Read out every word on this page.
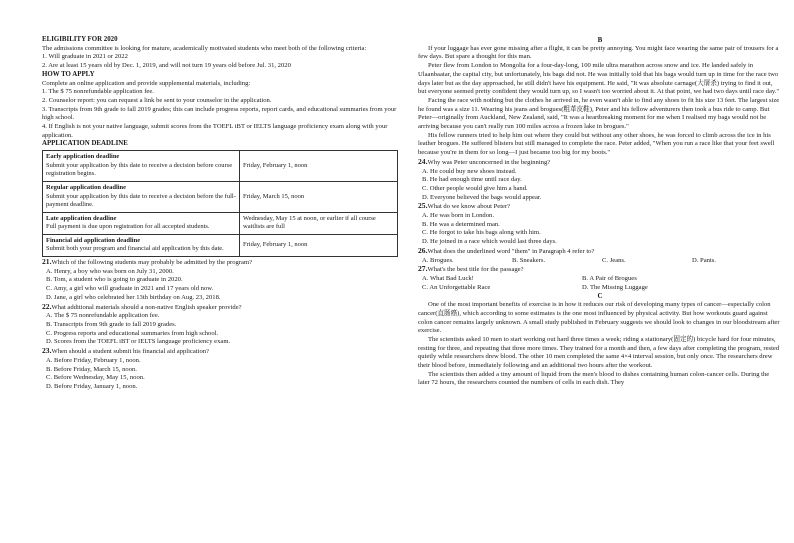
ELIGIBILITY FOR 2020

The admissions committee is looking for mature, academically motivated students who meet both of the following criteria:

1. Will graduate in 2021 or 2022

2. Are at least 15 years old by Dec. 1, 2019, and will not turn 19 years old before Jul. 31, 2020

HOW TO APPLY

Complete an online application and provide supplemental materials, including:

1. The $ 75 nonrefundable application fee.

2. Counselor report: you can request a link be sent to your counselor in the application.

3. Transcripts from 9th grade to fall 2019 grades; this can include progress reports, report cards, and educational summaries from your high school.

4. If English is not your native language, submit scores from the TOEFL iBT or IELTS language proficiency exam along with your application.

APPLICATION DEADLINE

Early application deadline
Submit your application by this date to receive a decision before course registration begins.	Friday, February 1, noon

Regular application deadline
Submit your application by this date to receive a decision before the full-payment deadline.	Friday, March 15, noon

Late application deadline
Full payment is due upon registration for all accepted students.	Wednesday, May 15 at noon, or earlier if all course waitlists are full

Financial aid application deadline
Submit both your program and financial aid application by this date.	Friday, February 1, noon

21.Which of the following students may probably be admitted by the program?

A. Henry, a boy who was born on July 31, 2000.

B. Tom, a student who is going to graduate in 2020.

C. Amy, a girl who will graduate in 2021 and 17 years old now.

D. Jane, a girl who celebrated her 13th birthday on Aug. 23, 2018.

22.What additional materials should a non-native English speaker provide?

A. The $ 75 nonrefundable application fee.

B. Transcripts from 9th grade to fall 2019 grades.

C. Progress reports and educational summaries from high school.

D. Scores from the TOEFL iBT or IELTS language proficiency exam.

23.When should a student submit his financial aid application?

A. Before Friday, February 1, noon.

B. Before Friday, March 15, noon.

C. Before Wednesday, May 15, noon.

D. Before Friday, January 1, noon.

B

If your luggage has ever gone missing after a flight, it can be pretty annoying. You might face wearing the same pair of trousers for a few days. But spare a thought for this man.

Peter flew from London to Mongolia for a four-day-long, 100 mile ultra marathon across snow and ice. He landed safely in Ulaanbaatar, the capital city, but unfortunately, his bags did not. He was initially told that his bags would turn up in time for the race two days later but as the day approached, he still didn't have his equipment. He said, "It was absolute carnage(大屠杀) trying to find it out, but everyone seemed pretty confident they would turn up, so I wasn't too worried about it. At that point, we had two days until race day."

Facing the race with nothing but the clothes he arrived in, he even wasn't able to find any shoes to fit his size 13 feet. The largest size he found was a size 11. Wearing his jeans and brogues(粗革皮鞋), Peter and his fellow adventurers then took a bus ride to camp. But Peter—originally from Auckland, New Zealand, said, "It was a heartbreaking moment for me when I realised my bags would not be arriving because you can't really run 100 miles across a frozen lake in brogues."

His fellow runners tried to help him out where they could but without any other shoes, he was forced to climb across the ice in his leather brogues. He suffered blisters but still managed to complete the race. Peter added, "When you run a race like that your feet swell because you're in them for so long—I just became too big for my boots."

24.Why was Peter unconcerned in the beginning?

A. He could buy new shoes instead.

B. He had enough time until race day.

C. Other people would give him a hand.

D. Everyone believed the bags would appear.

25.What do we know about Peter?

A. He was born in London.

B. He was a determined man.

C. He forgot to take his bags along with him.

D. He joined in a race which would last three days.

26.What does the underlined word "them" in Paragraph 4 refer to?

A. Brogues.	B. Sneakers.	C. Jeans.	D. Pants.

27.What's the best title for the passage?

A. What Bad Luck!	B. A Pair of Brogues
C. An Unforgettable Race	D. The Missing Luggage

C

One of the most important benefits of exercise is in how it reduces our risk of developing many types of cancer—especially colon cancer(直肠癌), which according to some estimates is the one most influenced by physical activity. But how workouts guard against colon cancer remains largely unknown. A small study published in February suggests we should look to changes in our bloodstream after exercise.

The scientists asked 10 men to start working out hard three times a week; riding a stationary(固定的) bicycle hard for four minutes, resting for three, and repeating that three more times. They trained for a month and then, a few days after completing the program, rested quietly while researchers drew blood. The other 10 men completed the same 4×4 interval session, but only once. The researchers drew their blood before, immediately following and an additional two hours after the workout.

The scientists then added a tiny amount of liquid from the men's blood to dishes containing human colon-cancer cells. During the later 72 hours, the researchers counted the numbers of cells in each dish. They
